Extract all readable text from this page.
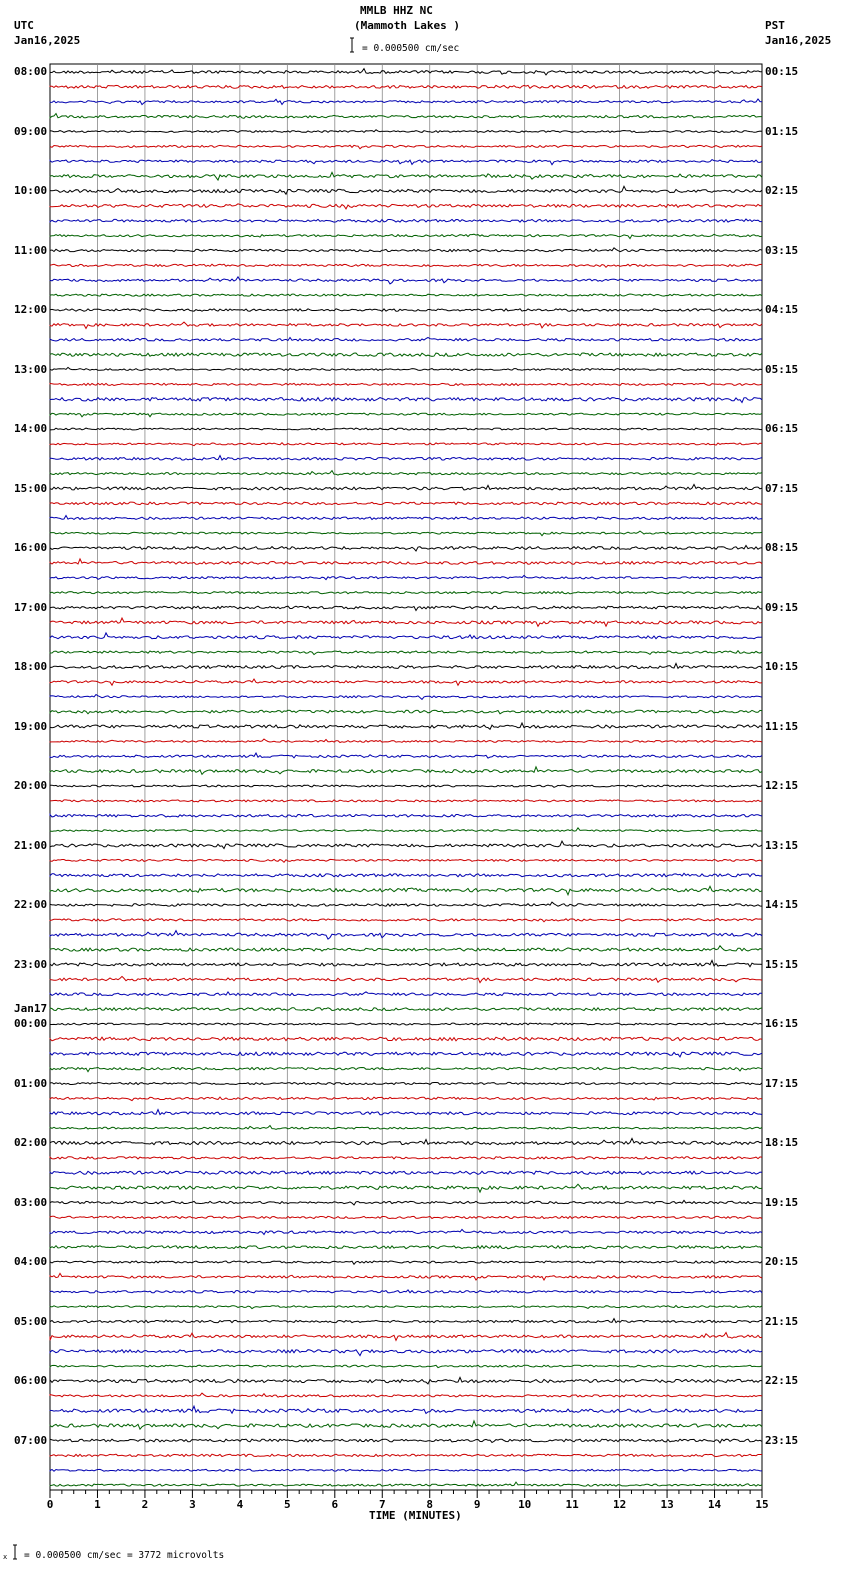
x
UTC
Jan16,2025
MMLB HHZ NC
(Mammoth Lakes )
= 0.000500 cm/sec
PST
Jan16,2025
08:00
09:00
10:00
11:00
12:00
13:00
14:00
15:00
16:00
17:00
18:00
19:00
20:00
21:00
22:00
23:00
00:00
Jan17
01:00
02:00
03:00
04:00
05:00
06:00
07:00
00:15
01:15
02:15
03:15
04:15
05:15
06:15
07:15
08:15
09:15
10:15
11:15
12:15
13:15
14:15
15:15
16:15
17:15
18:15
19:15
20:15
21:15
22:15
23:15
0	1	2	3	4	5	6	7	8	9	10	11	12	13	14	15
TIME (MINUTES)
= 0.000500 cm/sec = 3772 microvolts
